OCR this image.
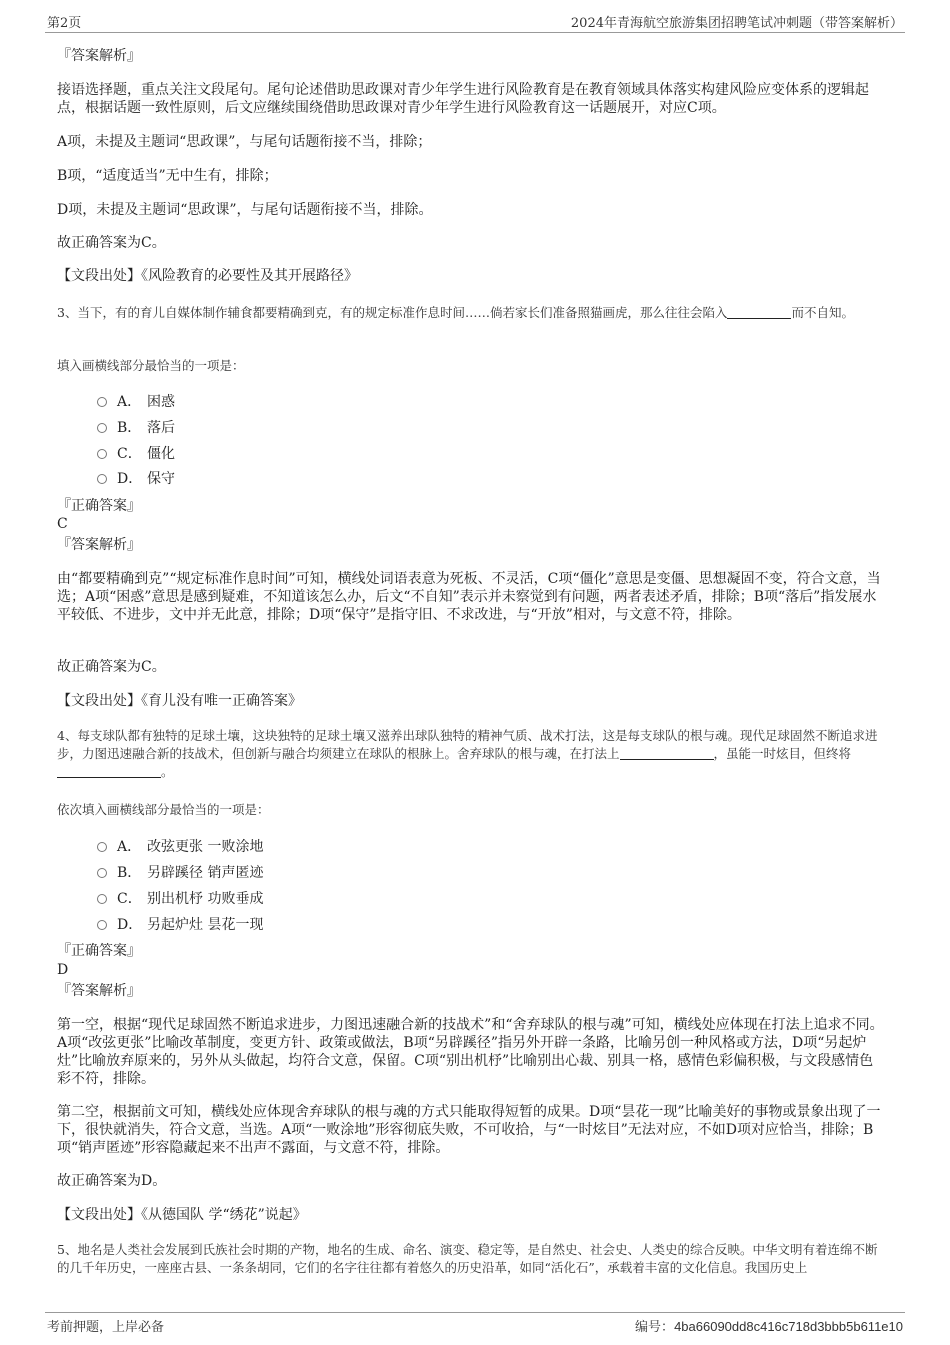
第2页	2024年青海航空旅游集团招聘笔试冲刺题（带答案解析）
『答案解析』
接语选择题，重点关注文段尾句。尾句论述借助思政课对青少年学生进行风险教育是在教育领域具体落实构建风险应变体系的逻辑起点，根据话题一致性原则，后文应继续围绕借助思政课对青少年学生进行风险教育这一话题展开，对应C项。
A项，未提及主题词“思政课”，与尾句话题衔接不当，排除；
B项，“适度适当”无中生有，排除；
D项，未提及主题词“思政课”，与尾句话题衔接不当，排除。
故正确答案为C。
【文段出处】《风险教育的必要性及其开展路径》
3、当下，有的育儿自媒体制作辅食都要精确到克，有的规定标准作息时间……倘若家长们准备照猫画虎，那么往往会陷入	而不自知。
填入画横线部分最恰当的一项是：
A． 困惑
B． 落后
C． 僵化
D． 保守
『正确答案』
C
『答案解析』
由“都要精确到克”“规定标准作息时间”可知，横线处词语表意为死板、不灵活，C项“僵化”意思是变僵、思想凝固不变，符合文意，当选；A项“困惑”意思是感到疑难，不知道该怎么办，后文“不自知”表示并未察觉到有问题，两者表述矛盾，排除；B项“落后”指发展水平较低、不进步，文中并无此意，排除；D项“保守”是指守旧、不求改进，与“开放”相对，与文意不符，排除。
故正确答案为C。
【文段出处】《育儿没有唯一正确答案》
4、每支球队都有独特的足球土壤，这块独特的足球土壤又滋养出球队独特的精神气质、战术打法，这是每支球队的根与魂。现代足球固然不断追求进步，力图迅速融合新的技战术，但创新与融合均须建立在球队的根脉上。舍弃球队的根与魂，在打法上	，虽能一时炫目，但终将。
依次填入画横线部分最恰当的一项是：
A． 改弦更张 一败涂地
B． 另辟蹊径 销声匿迹
C． 别出机杼 功败垂成
D． 另起炉灶 昙花一现
『正确答案』
D
『答案解析』
第一空，根据“现代足球固然不断追求进步，力图迅速融合新的技战术”和“舍弃球队的根与魂”可知，横线处应体现在打法上追求不同。A项“改弦更张”比喻改革制度，变更方针、政策或做法，B项“另辟蹊径”指另外开辟一条路，比喻另创一种风格或方法，D项“另起炉灶”比喻放弃原来的，另外从头做起，均符合文意，保留。C项“别出机杼”比喻别出心裁、别具一格，感情色彩偏积极，与文段感情色彩不符，排除。
第二空，根据前文可知，横线处应体现舍弃球队的根与魂的方式只能取得短暂的成果。D项“昙花一现”比喻美好的事物或景象出现了一下，很快就消失，符合文意，当选。A项“一败涂地”形容彻底失败，不可收拾，与“一时炫目”无法对应，不如D项对应恰当，排除；B项“销声匿迹”形容隐藏起来不出声不露面，与文意不符，排除。
故正确答案为D。
【文段出处】《从德国队 学“绣花”说起》
5、地名是人类社会发展到氏族社会时期的产物，地名的生成、命名、演变、稳定等，是自然史、社会史、人类史的综合反映。中华文明有着连绵不断的几千年历史，一座座古县、一条条胡同，它们的名字往往都有着悠久的历史沿革，如同“活化石”，承载着丰富的文化信息。我国历史上
考前押题，上岸必备	编号：4ba66090dd8c416c718d3bbb5b611e10
